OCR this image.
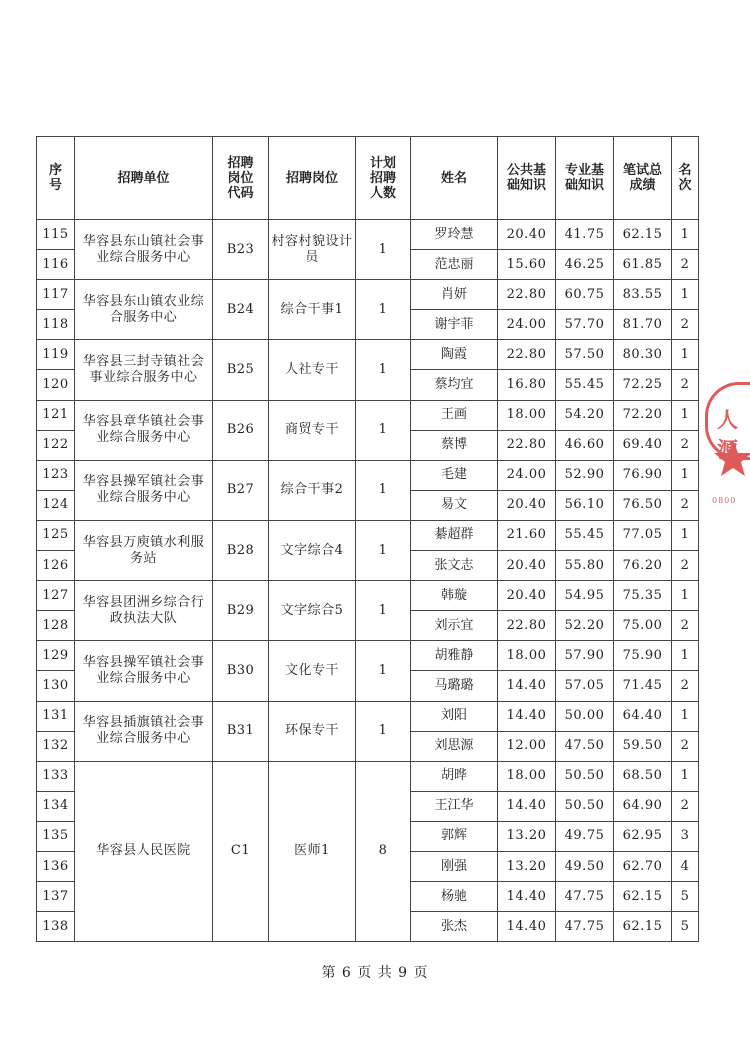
序号	招聘单位	招聘岗位代码	招聘岗位	计划招聘人数	姓名	公共基础知识	专业基础知识	笔试总成绩	名次
115	华容县东山镇社会事业综合服务中心	B23	村容村貌设计员	1	罗玲慧	20.40	41.75	62.15	1
116					范忠丽	15.60	46.25	61.85	2
117	华容县东山镇农业综合服务中心	B24	综合干事1	1	肖妍	22.80	60.75	83.55	1
118					谢宇菲	24.00	57.70	81.70	2
119	华容县三封寺镇社会事业综合服务中心	B25	人社专干	1	陶霞	22.80	57.50	80.30	1
120					蔡均宜	16.80	55.45	72.25	2
121	华容县章华镇社会事业综合服务中心	B26	商贸专干	1	王画	18.00	54.20	72.20	1
122					蔡博	22.80	46.60	69.40	2
123	华容县操军镇社会事业综合服务中心	B27	综合干事2	1	毛建	24.00	52.90	76.90	1
124					易文	20.40	56.10	76.50	2
125	华容县万庾镇水利服务站	B28	文字综合4	1	綦超群	21.60	55.45	77.05	1
126					张文志	20.40	55.80	76.20	2
127	华容县团洲乡综合行政执法大队	B29	文字综合5	1	韩璇	20.40	54.95	75.35	1
128					刘示宜	22.80	52.20	75.00	2
129	华容县操军镇社会事业综合服务中心	B30	文化专干	1	胡雅静	18.00	57.90	75.90	1
130					马璐璐	14.40	57.05	71.45	2
131	华容县插旗镇社会事业综合服务中心	B31	环保专干	1	刘阳	14.40	50.00	64.40	1
132					刘思源	12.00	47.50	59.50	2
133	华容县人民医院	C1	医师1	8	胡晔	18.00	50.50	68.50	1
134					王江华	14.40	50.50	64.90	2
135					郭辉	13.20	49.75	62.95	3
136					刚强	13.20	49.50	62.70	4
137					杨驰	14.40	47.75	62.15	5
138					张杰	14.40	47.75	62.15	5
第 6 页 共 9 页
人源
0800
